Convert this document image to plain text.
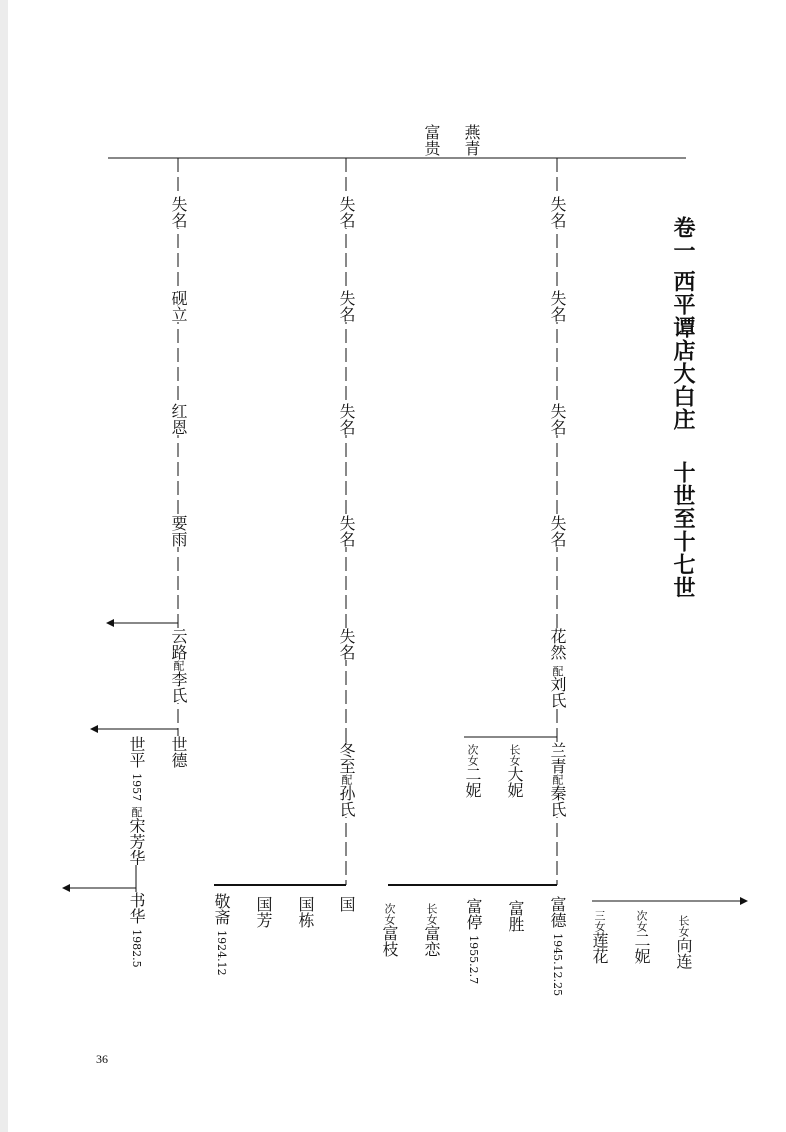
富贵 燕青
卷一西平谭店大白庄十世至十七世
失名
砚立
红恩
要雨
云路配李氏
世德
世平 1957 配宋芳华
书华 1982.5
失名
失名
失名
失名
失名
冬至配孙氏
国
国栋
国芳
敬斋 1924.12
失名
失名
失名
失名
花然 配刘氏
兰青配秦氏
长女大妮
次女二妮
富德 1945.12.25
富胜
富停 1955.2.7
长女富恋
次女富枝	长女向连
次女二妮
三女莲花
36
